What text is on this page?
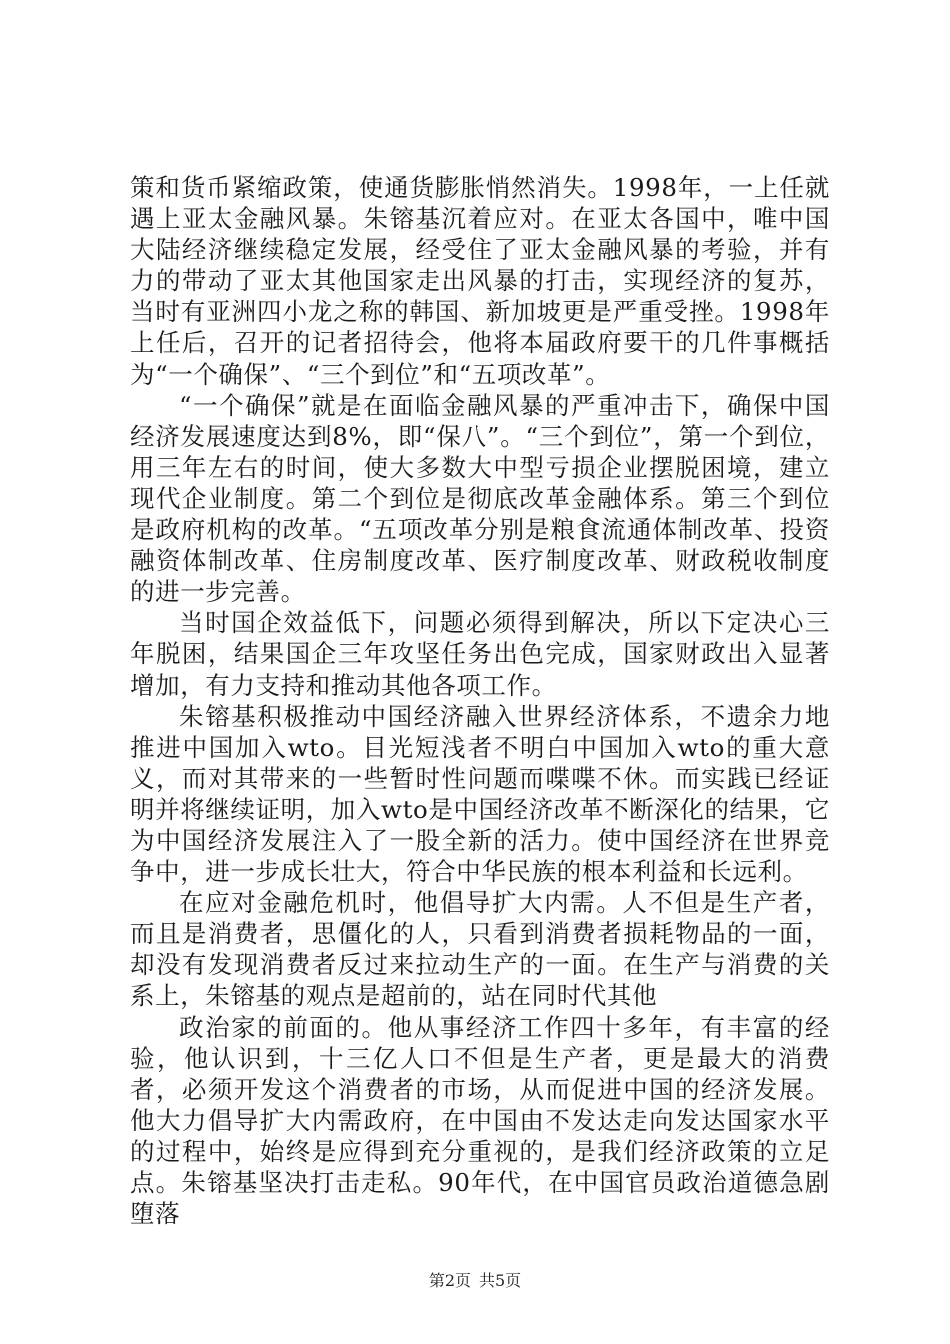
策和货币紧缩政策，使通货膨胀悄然消失。1998年，一上任就遇上亚太金融风暴。朱镕基沉着应对。在亚太各国中，唯中国大陆经济继续稳定发展，经受住了亚太金融风暴的考验，并有力的带动了亚太其他国家走出风暴的打击，实现经济的复苏，当时有亚洲四小龙之称的韩国、新加坡更是严重受挫。1998年上任后，召开的记者招待会，他将本届政府要干的几件事概括为“一个确保”、“三个到位”和“五项改革”。

“一个确保”就是在面临金融风暴的严重冲击下，确保中国经济发展速度达到8%，即“保八”。“三个到位”，第一个到位，用三年左右的时间，使大多数大中型亏损企业摆脱困境，建立现代企业制度。第二个到位是彻底改革金融体系。第三个到位是政府机构的改革。“五项改革分别是粮食流通体制改革、投资融资体制改革、住房制度改革、医疗制度改革、财政税收制度的进一步完善。

当时国企效益低下，问题必须得到解决，所以下定决心三年脱困，结果国企三年攻坚任务出色完成，国家财政出入显著增加，有力支持和推动其他各项工作。

朱镕基积极推动中国经济融入世界经济体系，不遗余力地推进中国加入wto。目光短浅者不明白中国加入wto的重大意义，而对其带来的一些暂时性问题而喋喋不休。而实践已经证明并将继续证明，加入wto是中国经济改革不断深化的结果，它为中国经济发展注入了一股全新的活力。使中国经济在世界竞争中，进一步成长壮大，符合中华民族的根本利益和长远利。

在应对金融危机时，他倡导扩大内需。人不但是生产者，而且是消费者，思僵化的人，只看到消费者损耗物品的一面，却没有发现消费者反过来拉动生产的一面。在生产与消费的关系上，朱镕基的观点是超前的，站在同时代其他

政治家的前面的。他从事经济工作四十多年，有丰富的经验，他认识到，十三亿人口不但是生产者，更是最大的消费者，必须开发这个消费者的市场，从而促进中国的经济发展。他大力倡导扩大内需政府，在中国由不发达走向发达国家水平的过程中，始终是应得到充分重视的，是我们经济政策的立足点。朱镕基坚决打击走私。90年代，在中国官员政治道德急剧堕落

第2页 共5页
